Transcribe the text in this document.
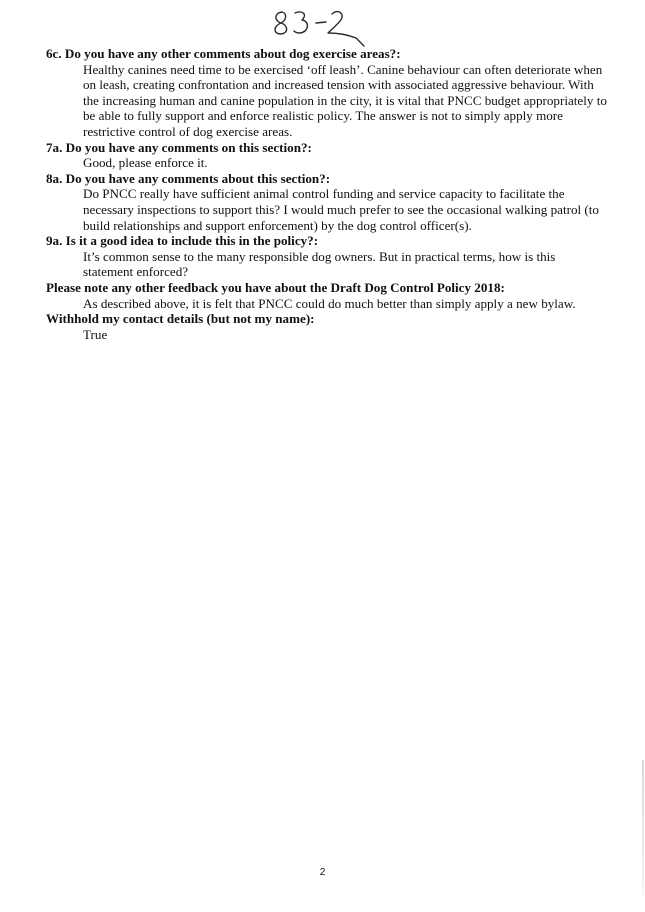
6c. Do you have any other comments about dog exercise areas?:

Healthy canines need time to be exercised ‘off leash’. Canine behaviour can often deteriorate when on leash, creating confrontation and increased tension with associated aggressive behaviour. With the increasing human and canine population in the city, it is vital that PNCC budget appropriately to be able to fully support and enforce realistic policy. The answer is not to simply apply more restrictive control of dog exercise areas.

7a. Do you have any comments on this section?:

Good, please enforce it.

8a. Do you have any comments about this section?:

Do PNCC really have sufficient animal control funding and service capacity to facilitate the necessary inspections to support this? I would much prefer to see the occasional walking patrol (to build relationships and support enforcement) by the dog control officer(s).

9a. Is it a good idea to include this in the policy?:

It’s common sense to the many responsible dog owners. But in practical terms, how is this statement enforced?

Please note any other feedback you have about the Draft Dog Control Policy 2018:

As described above, it is felt that PNCC could do much better than simply apply a new bylaw.

Withhold my contact details (but not my name):

True

2
